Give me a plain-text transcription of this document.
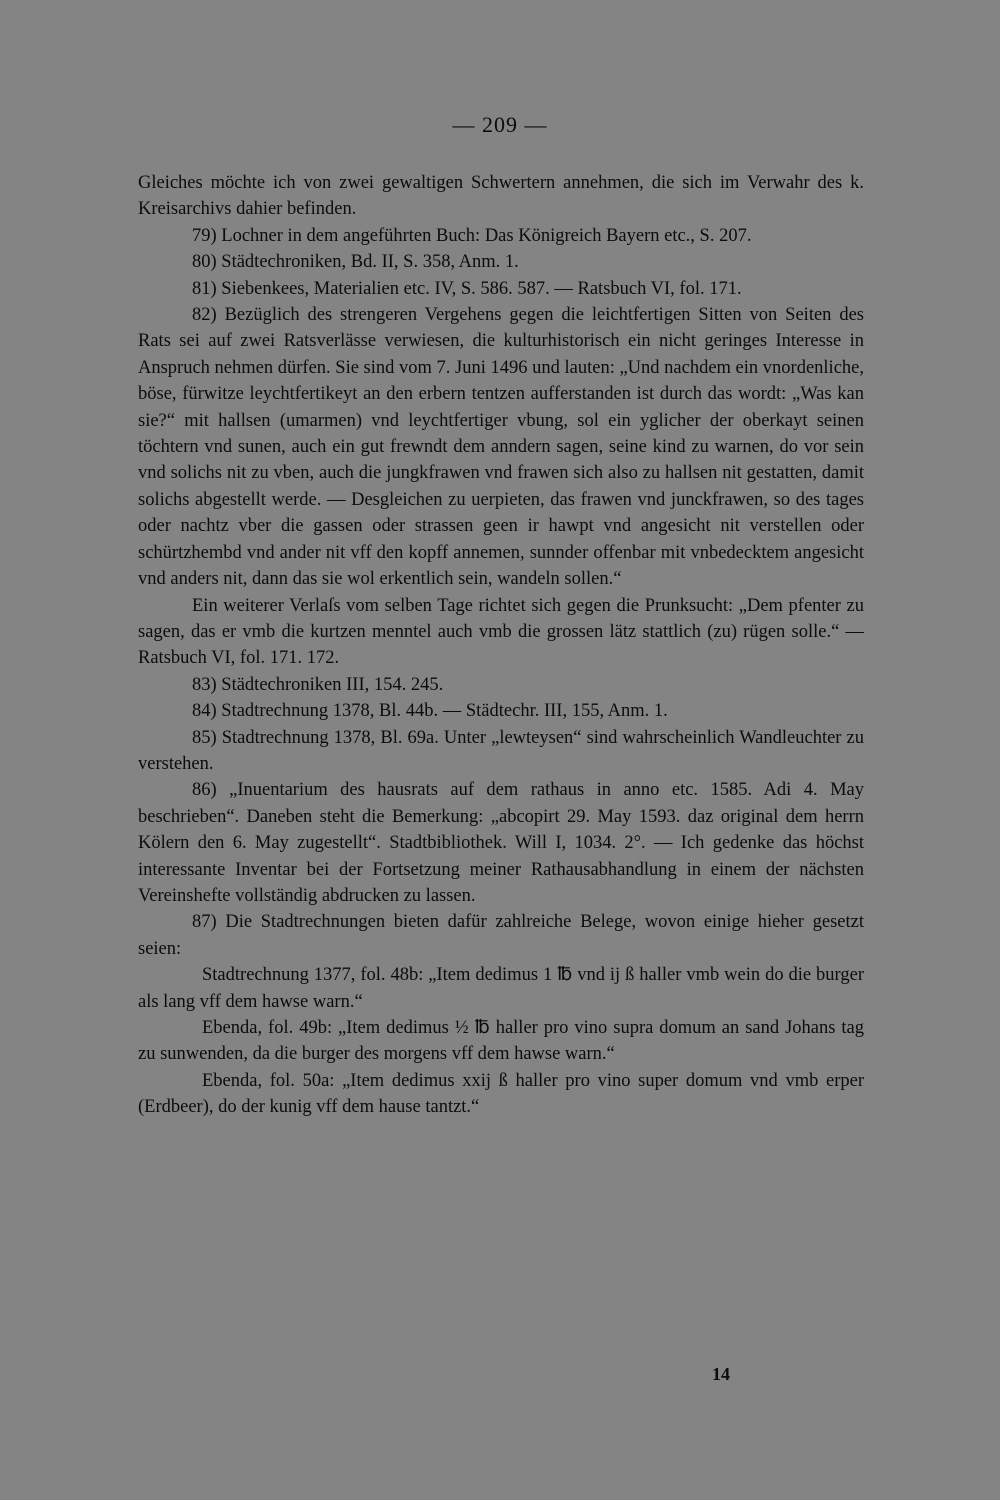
— 209 —

Gleiches möchte ich von zwei gewaltigen Schwertern annehmen, die sich im Verwahr des k. Kreisarchivs dahier befinden.

79) Lochner in dem angeführten Buch: Das Königreich Bayern etc., S. 207.

80) Städtechroniken, Bd. II, S. 358, Anm. 1.

81) Siebenkees, Materialien etc. IV, S. 586. 587. — Ratsbuch VI, fol. 171.

82) Bezüglich des strengeren Vergehens gegen die leichtfertigen Sitten von Seiten des Rats sei auf zwei Ratsverlässe verwiesen, die kulturhistorisch ein nicht geringes Interesse in Anspruch nehmen dürfen. Sie sind vom 7. Juni 1496 und lauten: „Und nachdem ein vnordenliche, böse, fürwitze leychtfertikeyt an den erbern tentzen aufferstanden ist durch das wordt: „Was kan sie?“ mit hallsen (umarmen) vnd leychtfertiger vbung, sol ein yglicher der oberkayt seinen töchtern vnd sunen, auch ein gut frewndt dem anndern sagen, seine kind zu warnen, do vor sein vnd solichs nit zu vben, auch die jungkfrawen vnd frawen sich also zu hallsen nit gestatten, damit solichs abgestellt werde. — Desgleichen zu uerpieten, das frawen vnd junckfrawen, so des tages oder nachtz vber die gassen oder strassen geen ir hawpt vnd angesicht nit verstellen oder schürtzhembd vnd ander nit vff den kopff annemen, sunnder offenbar mit vnbedecktem angesicht vnd anders nit, dann das sie wol erkentlich sein, wandeln sollen.“

Ein weiterer Verlaſs vom selben Tage richtet sich gegen die Prunksucht: „Dem pfenter zu sagen, das er vmb die kurtzen menntel auch vmb die grossen lätz stattlich (zu) rügen solle.“ — Ratsbuch VI, fol. 171. 172.

83) Städtechroniken III, 154. 245.

84) Stadtrechnung 1378, Bl. 44b. — Städtechr. III, 155, Anm. 1.

85) Stadtrechnung 1378, Bl. 69a. Unter „lewteysen“ sind wahrscheinlich Wandleuchter zu verstehen.

86) „Inuentarium des hausrats auf dem rathaus in anno etc. 1585. Adi 4. May beschrieben“. Daneben steht die Bemerkung: „abcopirt 29. May 1593. daz original dem herrn Kölern den 6. May zugestellt“. Stadtbibliothek. Will I, 1034. 2°. — Ich gedenke das höchst interessante Inventar bei der Fortsetzung meiner Rathausabhandlung in einem der nächsten Vereinshefte vollständig abdrucken zu lassen.

87) Die Stadtrechnungen bieten dafür zahlreiche Belege, wovon einige hieher gesetzt seien:

Stadtrechnung 1377, fol. 48b: „Item dedimus 1 ℔ vnd ij ß haller vmb wein do die burger als lang vff dem hawse warn.“

Ebenda, fol. 49b: „Item dedimus ½ ℔ haller pro vino supra domum an sand Johans tag zu sunwenden, da die burger des morgens vff dem hawse warn.“

Ebenda, fol. 50a: „Item dedimus xxij ß haller pro vino super domum vnd vmb erper (Erdbeer), do der kunig vff dem hause tantzt.“

14
